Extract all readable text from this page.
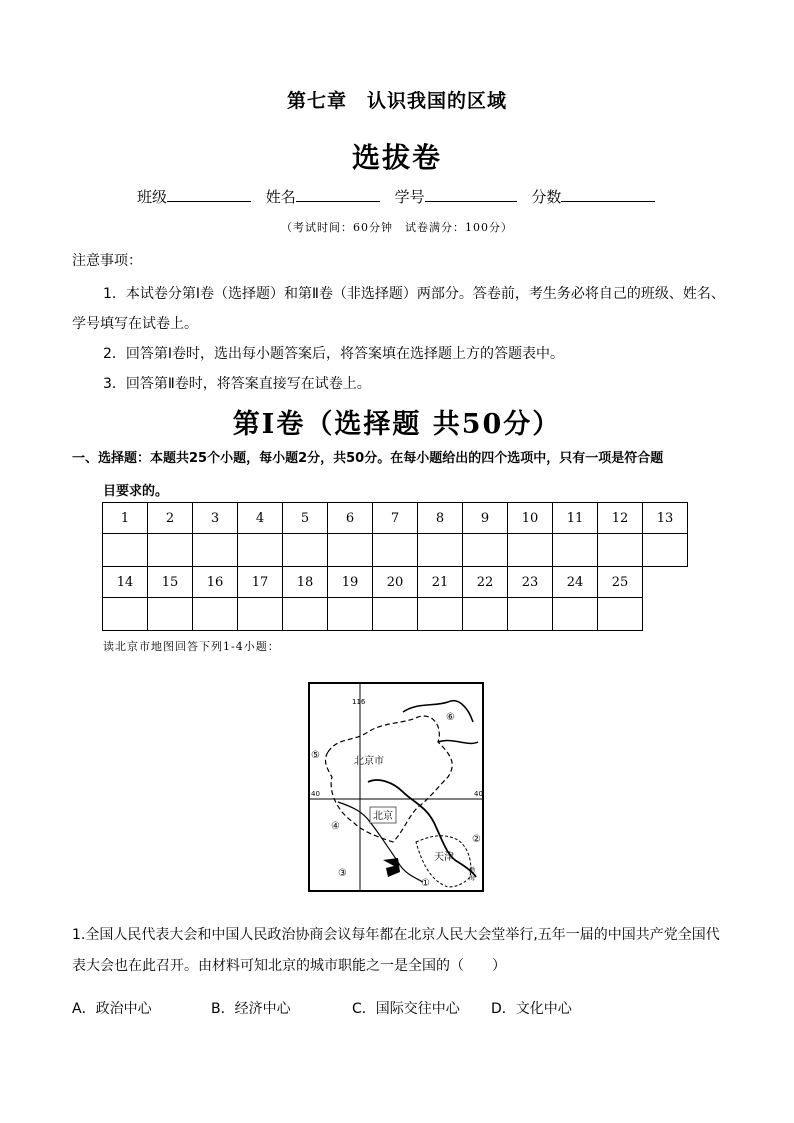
第七章 认识我国的区域
选拔卷
班级	姓名	学号	分数
（考试时间：60分钟　试卷满分：100分）
注意事项：
1．本试卷分第Ⅰ卷（选择题）和第Ⅱ卷（非选择题）两部分。答卷前，考生务必将自己的班级、姓名、
学号填写在试卷上。
2．回答第Ⅰ卷时，选出每小题答案后，将答案填在选择题上方的答题表中。
3．回答第Ⅱ卷时，将答案直接写在试卷上。
第Ⅰ卷（选择题 共50分）
一、选择题：本题共25个小题，每小题2分，共50分。在每小题给出的四个选项中，只有一项是符合题
目要求的。
1	2	3	4	5	6	7	8	9	10	11	12	13

14	15	16	17	18	19	20	21	22	23	24	25

读北京市地图回答下列1-4小题：
116
40	40
北京市
北京
天津
渤
海
①
②
③
④
⑤
⑥
1.全国人民代表大会和中国人民政治协商会议每年都在北京人民大会堂举行,五年一届的中国共产党全国代
表大会也在此召开。由材料可知北京的城市职能之一是全国的（　　）
A．政治中心	B．经济中心	C．国际交往中心 D．文化中心
